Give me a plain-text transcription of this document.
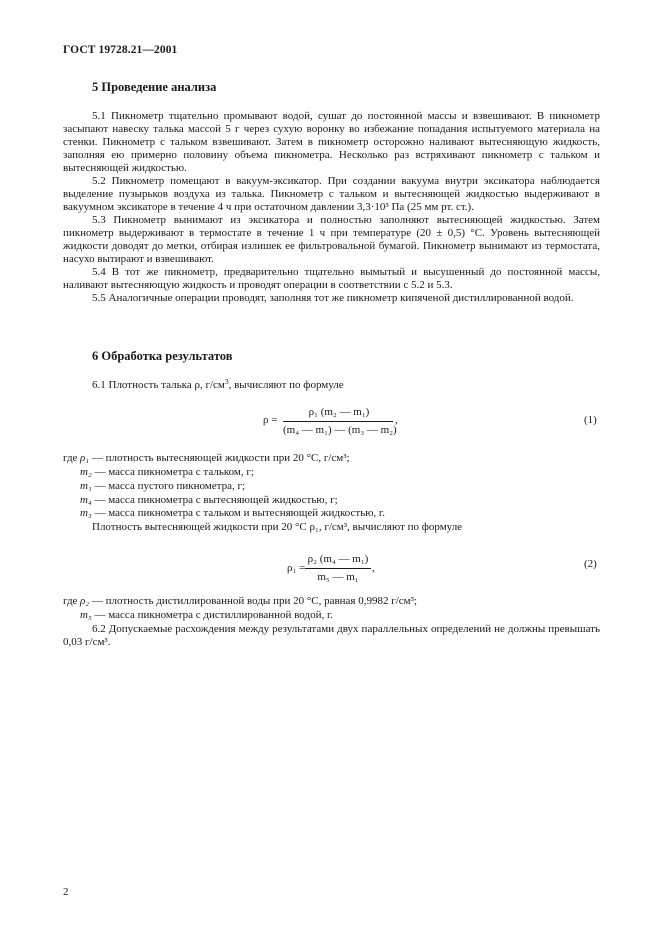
ГОСТ 19728.21—2001
5 Проведение анализа

5.1 Пикнометр тщательно промывают водой, сушат до постоянной массы и взвешивают. В пикнометр засыпают навеску талька массой 5 г через сухую воронку во избежание попадания испытуемого материала на стенки. Пикнометр с тальком взвешивают. Затем в пикнометр осторожно наливают вытесняющую жидкость, заполняя ею примерно половину объема пикнометра. Несколько раз встряхивают пикнометр с тальком и вытесняющей жидкостью.

5.2 Пикнометр помещают в вакуум-эксикатор. При создании вакуума внутри эксикатора наблюдается выделение пузырьков воздуха из талька. Пикнометр с тальком и вытесняющей жидкостью выдерживают в вакуумном эксикаторе в течение 4 ч при остаточном давлении 3,3·10³ Па (25 мм рт. ст.).

5.3 Пикнометр вынимают из эксикатора и полностью заполняют вытесняющей жидкостью. Затем пикнометр выдерживают в термостате в течение 1 ч при температуре (20 ± 0,5) °С. Уровень вытесняющей жидкости доводят до метки, отбирая излишек ее фильтровальной бумагой. Пикнометр вынимают из термостата, насухо вытирают и взвешивают.

5.4 В тот же пикнометр, предварительно тщательно вымытый и высушенный до постоянной массы, наливают вытесняющую жидкость и проводят операции в соответствии с 5.2 и 5.3.

5.5 Аналогичные операции проводят, заполняя тот же пикнометр кипяченой дистиллированной водой.

6 Обработка результатов
6.1 Плотность талька ρ, $г/см^3$, вычисляют по формуле
ρ =
ρ₁ (m₂ — m₁)
(m₄ — m₁) — (m₃ — m₂)
,	(1)
где ρ₁ — плотность вытесняющей жидкости при 20 °С, г/см³;
m₂ — масса пикнометра с тальком, г;
m₁ — масса пустого пикнометра, г;
m₄ — масса пикнометра с вытесняющей жидкостью, г;
m₃ — масса пикнометра с тальком и вытесняющей жидкостью, г.
Плотность вытесняющей жидкости при 20 °С ρ₁, г/см³, вычисляют по формуле
ρ₁ =
ρ₂ (m₄ — m₁)
m₅ — m₁
,	(2)
где ρ₂ — плотность дистиллированной воды при 20 °С, равная 0,9982 г/см³;
m₅ — масса пикнометра с дистиллированной водой, г.

6.2 Допускаемые расхождения между результатами двух параллельных определений не должны превышать 0,03 г/см³.

2
